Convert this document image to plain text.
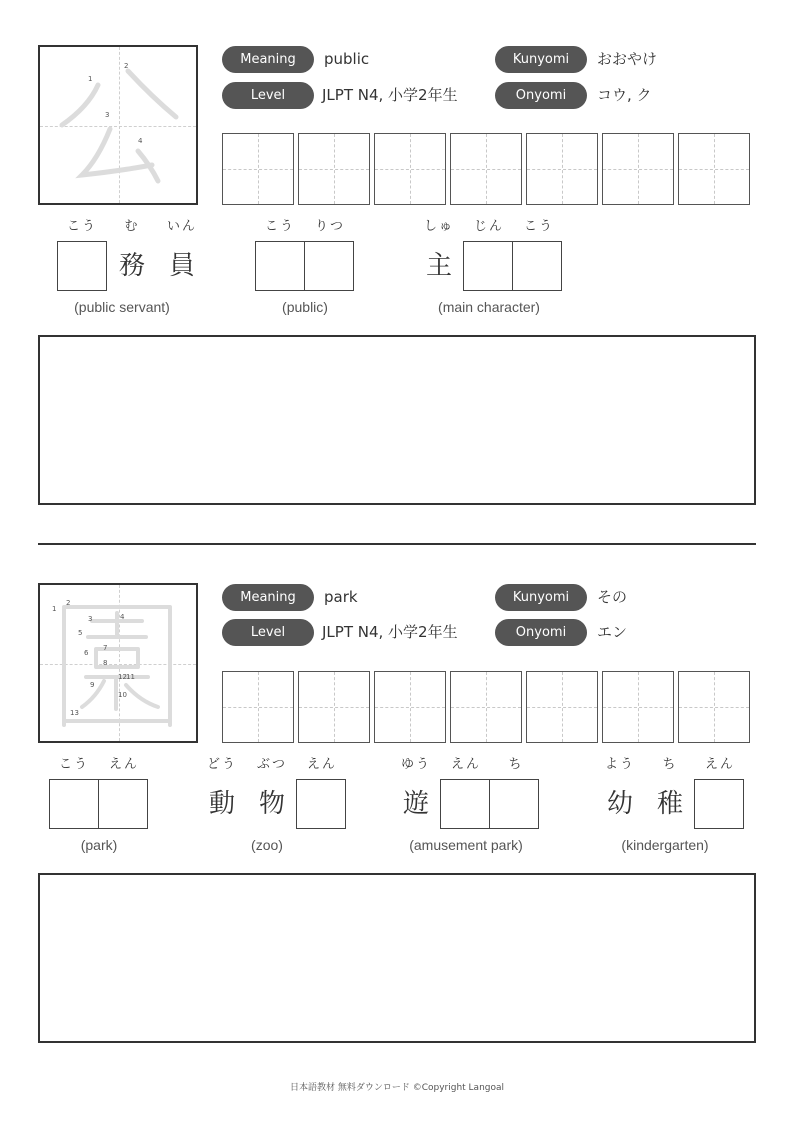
1
2
3
4
公
Meaning	public
Level	JLPT N4, 小学2年生
Kunyomi	おおやけ
Onyomi	コウ, ク
こう	む	いん
務 員
(public servant)
こう	りつ
(public)
しゅ	じん	こう
主
(main character)
1
2
3	4
5
6
7
8
9
10
12 11
13
園
Meaning	park
Level	JLPT N4, 小学2年生
Kunyomi	その
Onyomi	エン
こう	えん
(park)
どう	ぶつ	えん
動 物
(zoo)
ゆう	えん	ち
遊
(amusement park)
よう	ち	えん
幼 稚
(kindergarten)
日本語教材 無料ダウンロード ©Copyright Langoal
